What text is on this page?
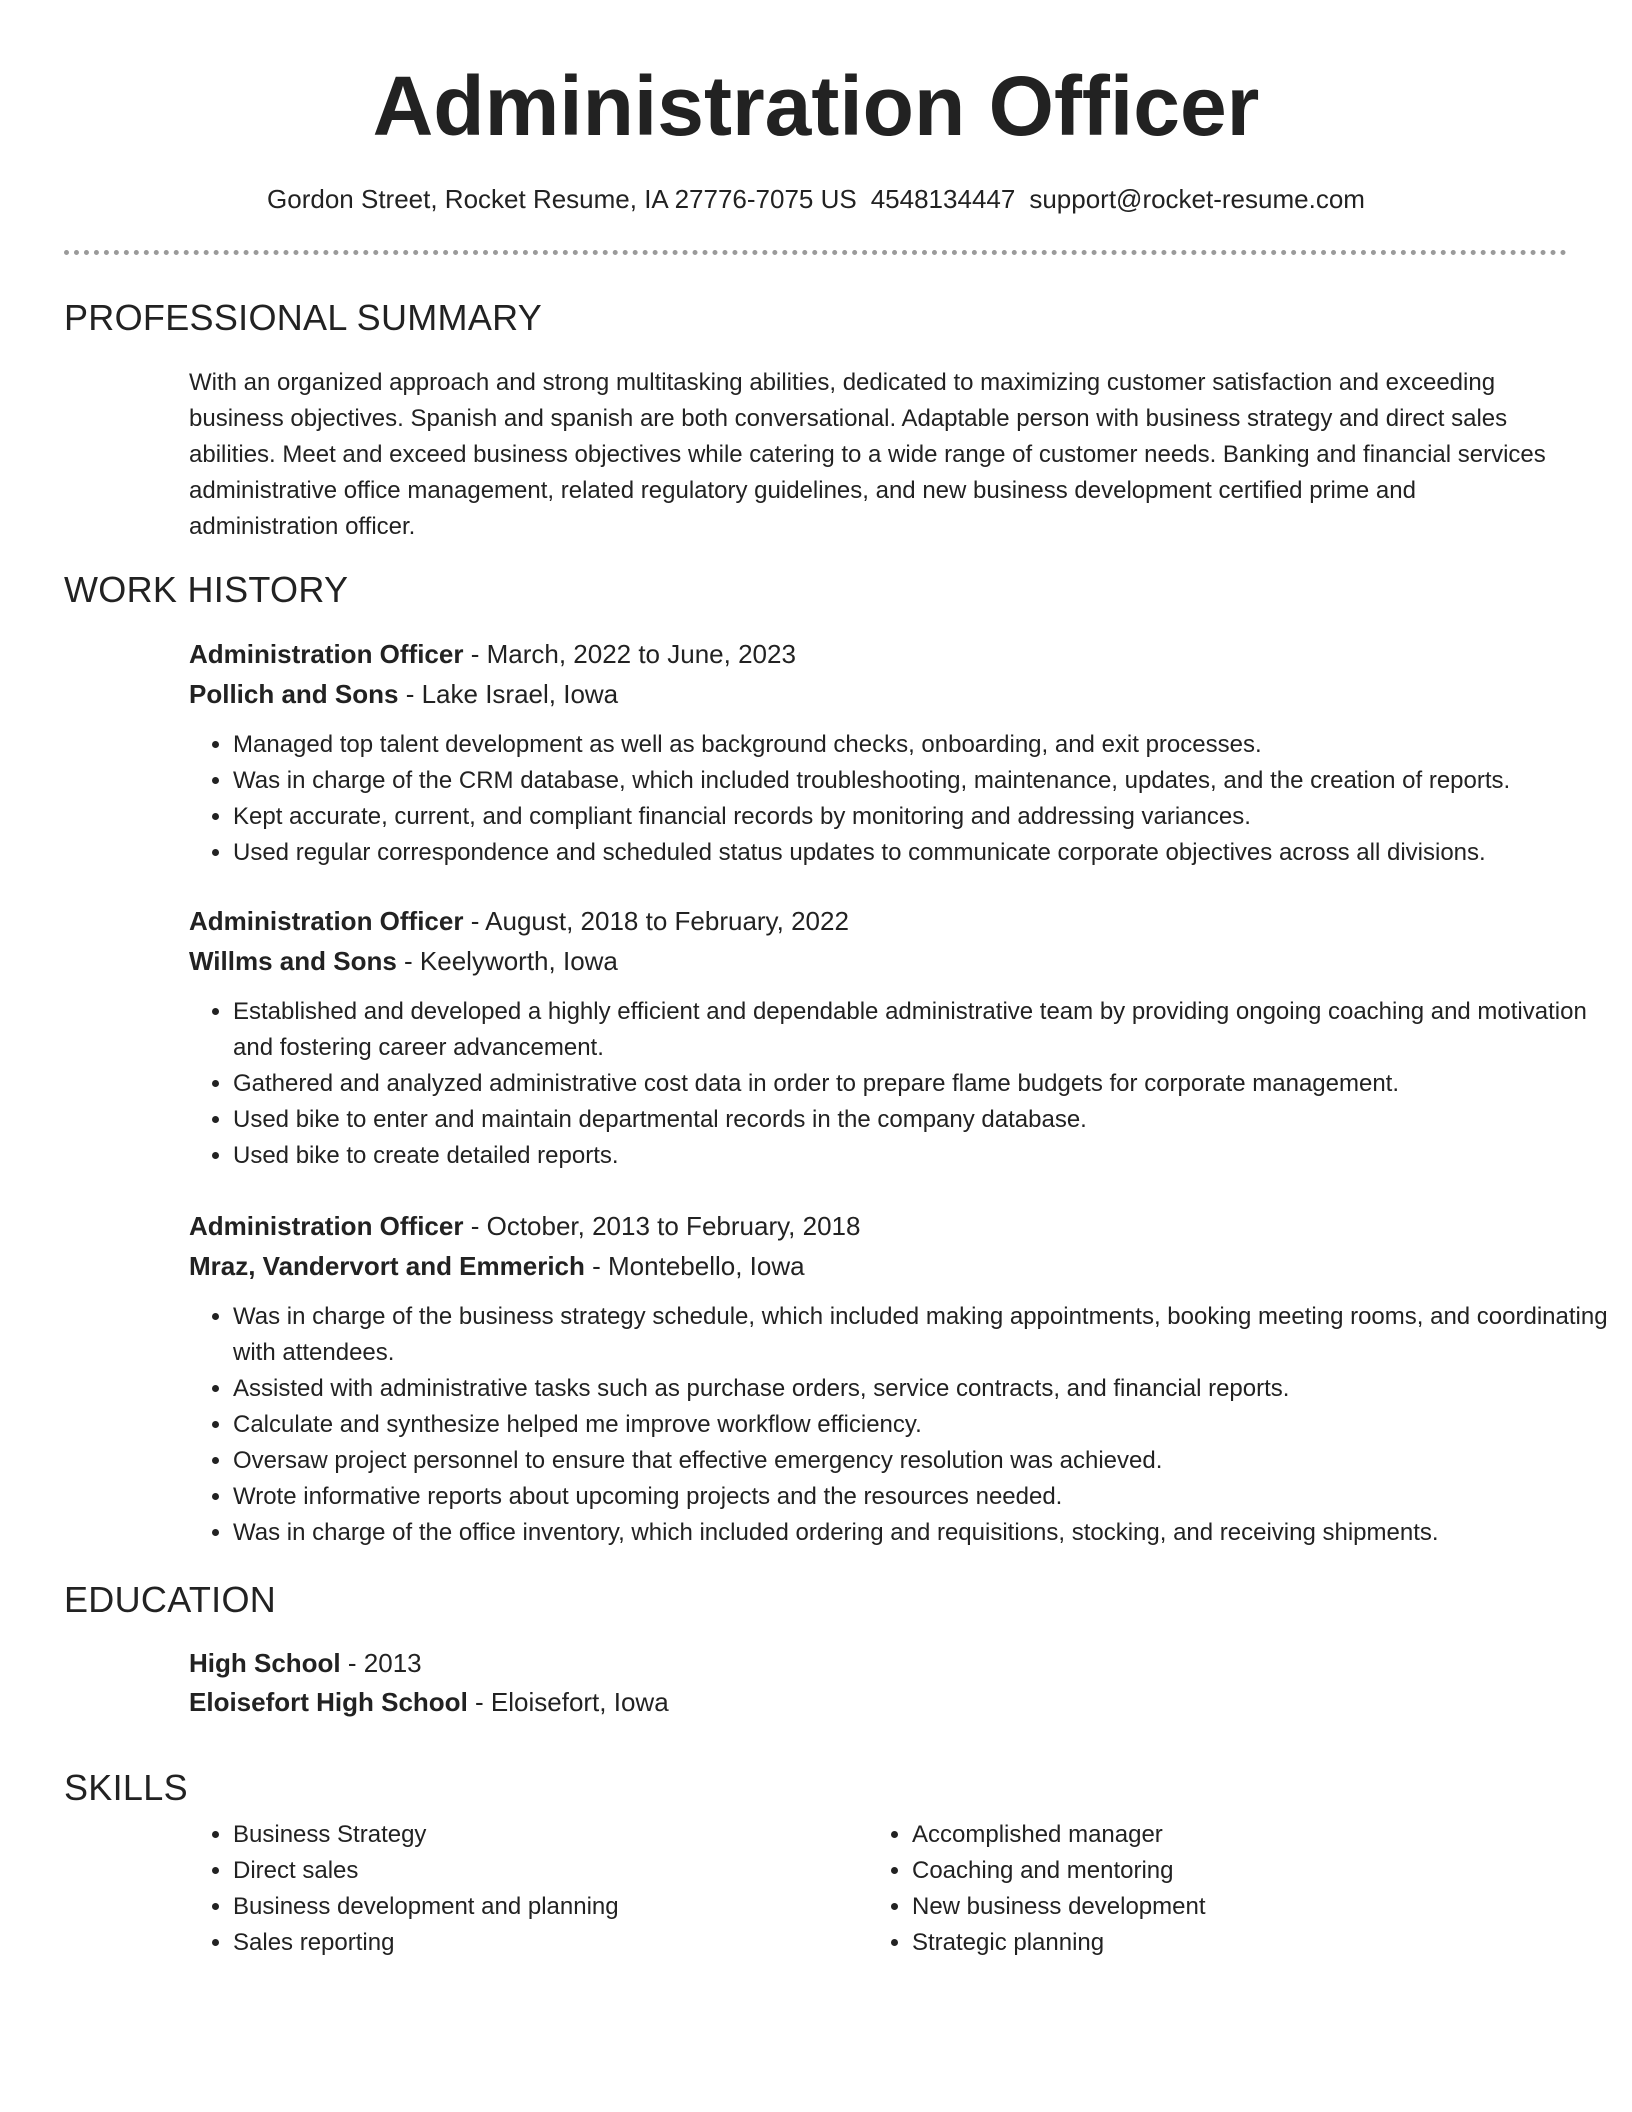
Administration Officer
Gordon Street, Rocket Resume, IA 27776-7075 US 4548134447 support@rocket-resume.com
PROFESSIONAL SUMMARY
With an organized approach and strong multitasking abilities, dedicated to maximizing customer satisfaction and exceeding business objectives. Spanish and spanish are both conversational. Adaptable person with business strategy and direct sales abilities. Meet and exceed business objectives while catering to a wide range of customer needs. Banking and financial services administrative office management, related regulatory guidelines, and new business development certified prime and administration officer.
WORK HISTORY
Administration Officer - March, 2022 to June, 2023
Pollich and Sons - Lake Israel, Iowa
• Managed top talent development as well as background checks, onboarding, and exit processes.
• Was in charge of the CRM database, which included troubleshooting, maintenance, updates, and the creation of reports.
• Kept accurate, current, and compliant financial records by monitoring and addressing variances.
• Used regular correspondence and scheduled status updates to communicate corporate objectives across all divisions.
Administration Officer - August, 2018 to February, 2022
Willms and Sons - Keelyworth, Iowa
• Established and developed a highly efficient and dependable administrative team by providing ongoing coaching and motivation and fostering career advancement.
• Gathered and analyzed administrative cost data in order to prepare flame budgets for corporate management.
• Used bike to enter and maintain departmental records in the company database.
• Used bike to create detailed reports.
Administration Officer - October, 2013 to February, 2018
Mraz, Vandervort and Emmerich - Montebello, Iowa
• Was in charge of the business strategy schedule, which included making appointments, booking meeting rooms, and coordinating with attendees.
• Assisted with administrative tasks such as purchase orders, service contracts, and financial reports.
• Calculate and synthesize helped me improve workflow efficiency.
• Oversaw project personnel to ensure that effective emergency resolution was achieved.
• Wrote informative reports about upcoming projects and the resources needed.
• Was in charge of the office inventory, which included ordering and requisitions, stocking, and receiving shipments.
EDUCATION
High School - 2013
Eloisefort High School - Eloisefort, Iowa
SKILLS
• Business Strategy
• Direct sales
• Business development and planning
• Sales reporting
• Accomplished manager
• Coaching and mentoring
• New business development
• Strategic planning
